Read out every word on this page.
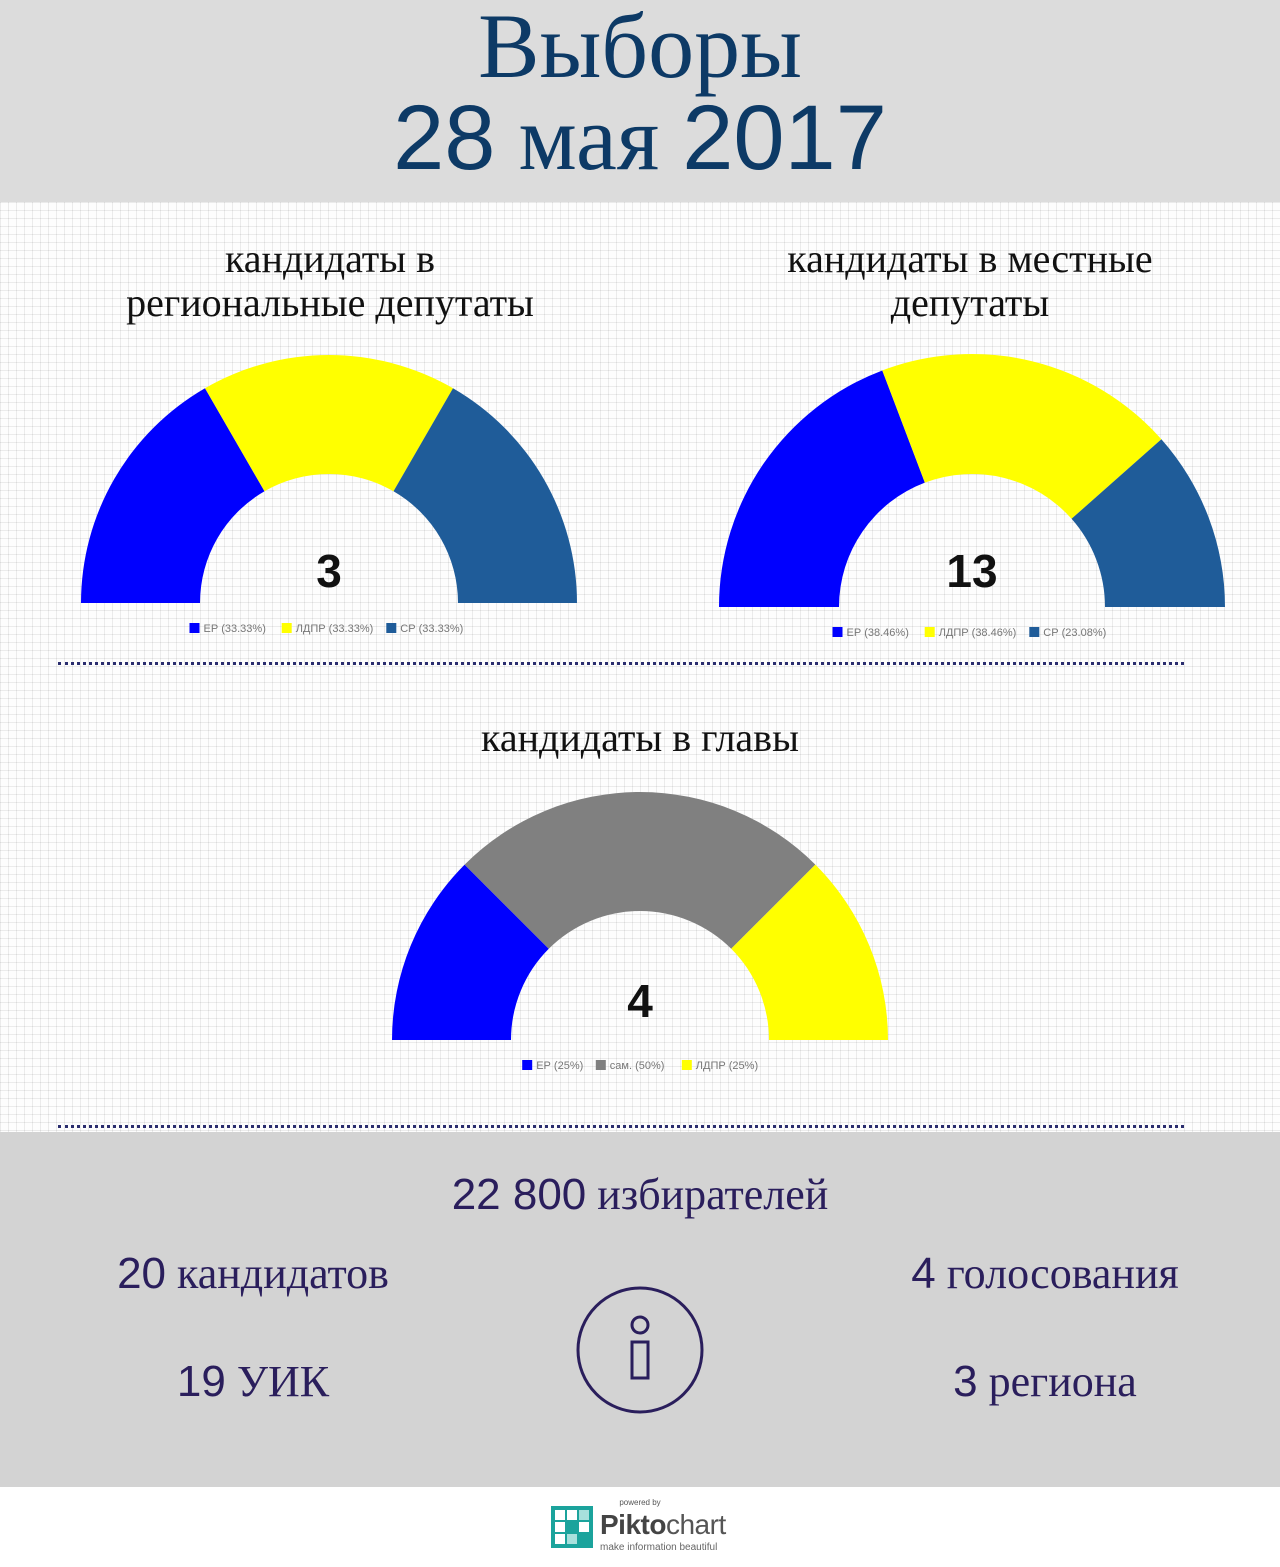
Выборы
28 мая 2017
кандидаты в
региональные депутаты
кандидаты в местные
депутаты
3
ЕР (33.33%)	ЛДПР (33.33%) СР (33.33%)
13
ЕР (38.46%)	ЛДПР (38.46%) СР (23.08%)
кандидаты в главы
4
ЕР (25%) сам. (50%)	ЛДПР (25%)
22 800 избирателей
20 кандидатов
19 УИК
4 голосования
3 региона
powered by
Piktochart
make information beautiful
